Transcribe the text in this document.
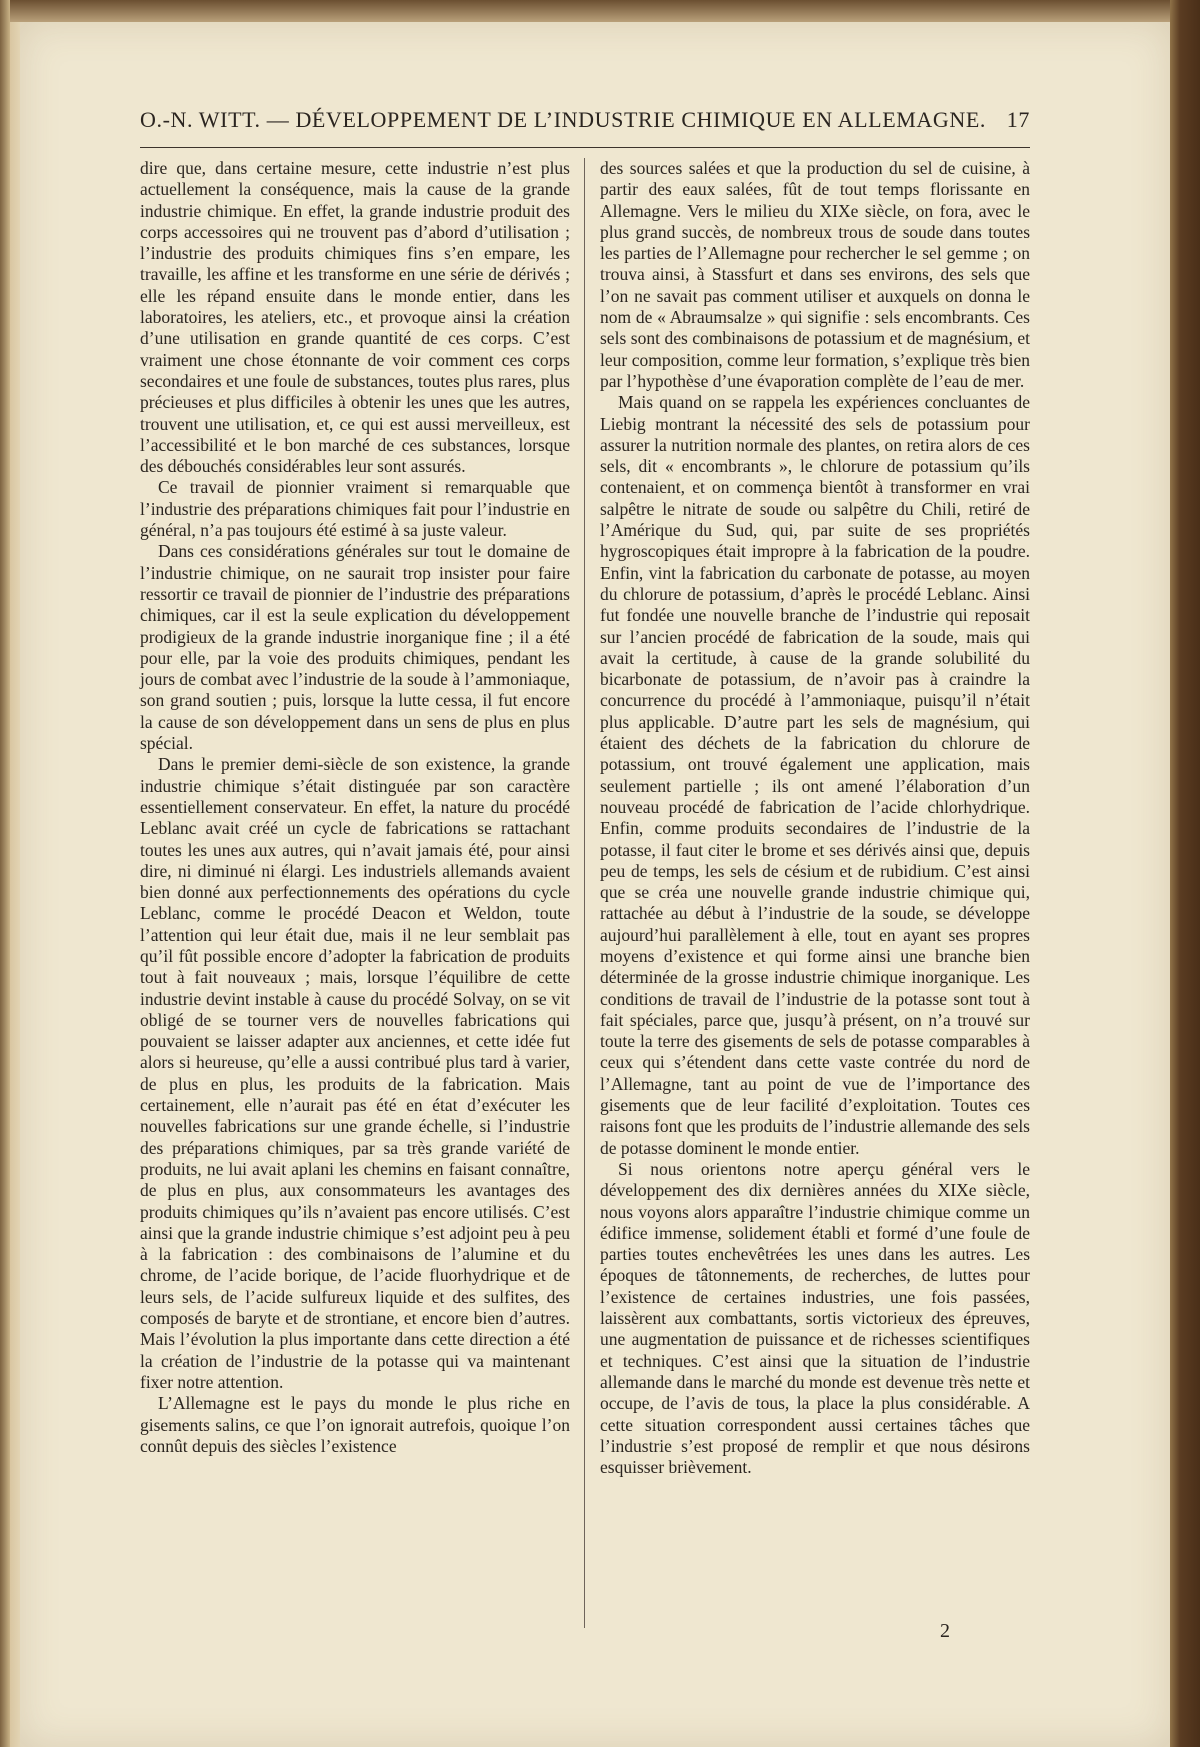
O.-N. WITT. — DÉVELOPPEMENT DE L’INDUSTRIE CHIMIQUE EN ALLEMAGNE. 17

dire que, dans certaine mesure, cette industrie n’est plus actuellement la conséquence, mais la cause de la grande industrie chimique. En effet, la grande industrie produit des corps accessoires qui ne trouvent pas d’abord d’utilisation ; l’industrie des produits chimiques fins s’en empare, les travaille, les affine et les transforme en une série de dérivés ; elle les répand ensuite dans le monde entier, dans les laboratoires, les ateliers, etc., et provoque ainsi la création d’une utilisation en grande quantité de ces corps. C’est vraiment une chose étonnante de voir comment ces corps secondaires et une foule de substances, toutes plus rares, plus précieuses et plus difficiles à obtenir les unes que les autres, trouvent une utilisation, et, ce qui est aussi merveilleux, est l’accessibilité et le bon marché de ces substances, lorsque des débouchés considérables leur sont assurés.

Ce travail de pionnier vraiment si remarquable que l’industrie des préparations chimiques fait pour l’industrie en général, n’a pas toujours été estimé à sa juste valeur.

Dans ces considérations générales sur tout le domaine de l’industrie chimique, on ne saurait trop insister pour faire ressortir ce travail de pionnier de l’industrie des préparations chimiques, car il est la seule explication du développement prodigieux de la grande industrie inorganique fine ; il a été pour elle, par la voie des produits chimiques, pendant les jours de combat avec l’industrie de la soude à l’ammoniaque, son grand soutien ; puis, lorsque la lutte cessa, il fut encore la cause de son développement dans un sens de plus en plus spécial.

Dans le premier demi-siècle de son existence, la grande industrie chimique s’était distinguée par son caractère essentiellement conservateur. En effet, la nature du procédé Leblanc avait créé un cycle de fabrications se rattachant toutes les unes aux autres, qui n’avait jamais été, pour ainsi dire, ni diminué ni élargi. Les industriels allemands avaient bien donné aux perfectionnements des opérations du cycle Leblanc, comme le procédé Deacon et Weldon, toute l’attention qui leur était due, mais il ne leur semblait pas qu’il fût possible encore d’adopter la fabrication de produits tout à fait nouveaux ; mais, lorsque l’équilibre de cette industrie devint instable à cause du procédé Solvay, on se vit obligé de se tourner vers de nouvelles fabrications qui pouvaient se laisser adapter aux anciennes, et cette idée fut alors si heureuse, qu’elle a aussi contribué plus tard à varier, de plus en plus, les produits de la fabrication. Mais certainement, elle n’aurait pas été en état d’exécuter les nouvelles fabrications sur une grande échelle, si l’industrie des préparations chimiques, par sa très grande variété de produits, ne lui avait aplani les chemins en faisant connaître, de plus en plus, aux consommateurs les avantages des produits chimiques qu’ils n’avaient pas encore utilisés. C’est ainsi que la grande industrie chimique s’est adjoint peu à peu à la fabrication : des combinaisons de l’alumine et du chrome, de l’acide borique, de l’acide fluorhydrique et de leurs sels, de l’acide sulfureux liquide et des sulfites, des composés de baryte et de strontiane, et encore bien d’autres. Mais l’évolution la plus importante dans cette direction a été la création de l’industrie de la potasse qui va maintenant fixer notre attention.

L’Allemagne est le pays du monde le plus riche en gisements salins, ce que l’on ignorait autrefois, quoique l’on connût depuis des siècles l’existence

des sources salées et que la production du sel de cuisine, à partir des eaux salées, fût de tout temps florissante en Allemagne. Vers le milieu du XIXe siècle, on fora, avec le plus grand succès, de nombreux trous de soude dans toutes les parties de l’Allemagne pour rechercher le sel gemme ; on trouva ainsi, à Stassfurt et dans ses environs, des sels que l’on ne savait pas comment utiliser et auxquels on donna le nom de « Abraumsalze » qui signifie : sels encombrants. Ces sels sont des combinaisons de potassium et de magnésium, et leur composition, comme leur formation, s’explique très bien par l’hypothèse d’une évaporation complète de l’eau de mer.

Mais quand on se rappela les expériences concluantes de Liebig montrant la nécessité des sels de potassium pour assurer la nutrition normale des plantes, on retira alors de ces sels, dit « encombrants », le chlorure de potassium qu’ils contenaient, et on commença bientôt à transformer en vrai salpêtre le nitrate de soude ou salpêtre du Chili, retiré de l’Amérique du Sud, qui, par suite de ses propriétés hygroscopiques était impropre à la fabrication de la poudre. Enfin, vint la fabrication du carbonate de potasse, au moyen du chlorure de potassium, d’après le procédé Leblanc. Ainsi fut fondée une nouvelle branche de l’industrie qui reposait sur l’ancien procédé de fabrication de la soude, mais qui avait la certitude, à cause de la grande solubilité du bicarbonate de potassium, de n’avoir pas à craindre la concurrence du procédé à l’ammoniaque, puisqu’il n’était plus applicable. D’autre part les sels de magnésium, qui étaient des déchets de la fabrication du chlorure de potassium, ont trouvé également une application, mais seulement partielle ; ils ont amené l’élaboration d’un nouveau procédé de fabrication de l’acide chlorhydrique. Enfin, comme produits secondaires de l’industrie de la potasse, il faut citer le brome et ses dérivés ainsi que, depuis peu de temps, les sels de césium et de rubidium. C’est ainsi que se créa une nouvelle grande industrie chimique qui, rattachée au début à l’industrie de la soude, se développe aujourd’hui parallèlement à elle, tout en ayant ses propres moyens d’existence et qui forme ainsi une branche bien déterminée de la grosse industrie chimique inorganique. Les conditions de travail de l’industrie de la potasse sont tout à fait spéciales, parce que, jusqu’à présent, on n’a trouvé sur toute la terre des gisements de sels de potasse comparables à ceux qui s’étendent dans cette vaste contrée du nord de l’Allemagne, tant au point de vue de l’importance des gisements que de leur facilité d’exploitation. Toutes ces raisons font que les produits de l’industrie allemande des sels de potasse dominent le monde entier.

Si nous orientons notre aperçu général vers le développement des dix dernières années du XIXe siècle, nous voyons alors apparaître l’industrie chimique comme un édifice immense, solidement établi et formé d’une foule de parties toutes enchevêtrées les unes dans les autres. Les époques de tâtonnements, de recherches, de luttes pour l’existence de certaines industries, une fois passées, laissèrent aux combattants, sortis victorieux des épreuves, une augmentation de puissance et de richesses scientifiques et techniques. C’est ainsi que la situation de l’industrie allemande dans le marché du monde est devenue très nette et occupe, de l’avis de tous, la place la plus considérable. A cette situation correspondent aussi certaines tâches que l’industrie s’est proposé de remplir et que nous désirons esquisser brièvement.

2
